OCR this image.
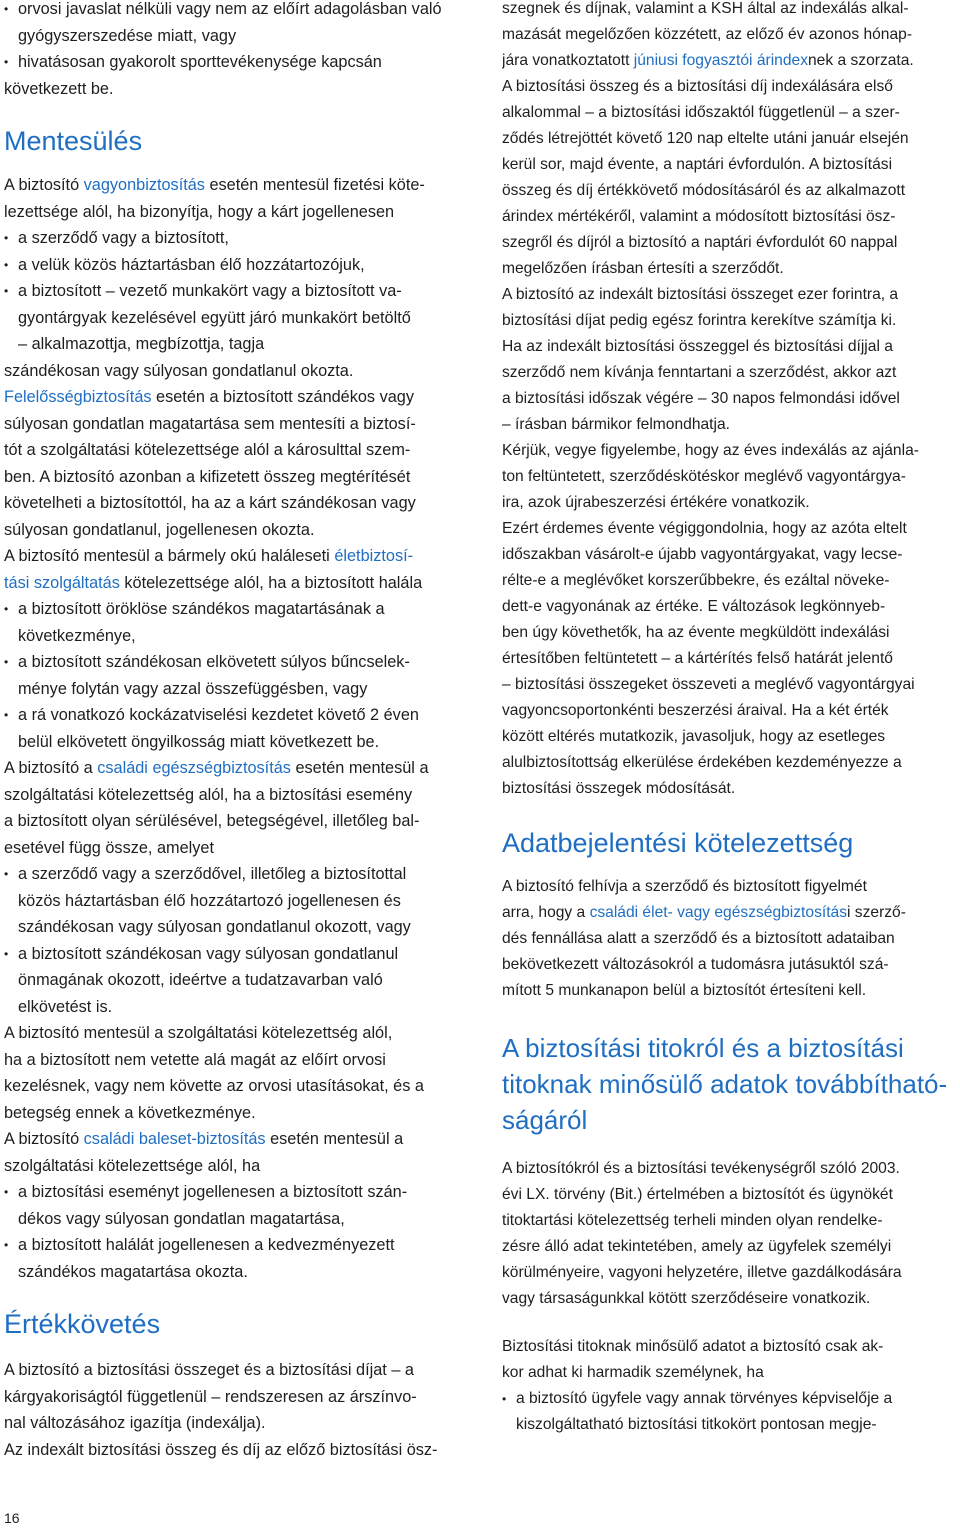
• orvosi javaslat nélküli vagy nem az előírt adagolásban való
gyógyszerszedése miatt, vagy
• hivatásosan gyakorolt sporttevékenysége kapcsán
következett be.
Mentesülés
A biztosító vagyonbiztosítás esetén mentesül fizetési köte-
lezettsége alól, ha bizonyítja, hogy a kárt jogellenesen
• a szerződő vagy a biztosított,
• a velük közös háztartásban élő hozzátartozójuk,
• a biztosított – vezető munkakört vagy a biztosított va-
gyontárgyak kezelésével együtt járó munkakört betöltő
– alkalmazottja, megbízottja, tagja
szándékosan vagy súlyosan gondatlanul okozta.
Felelősségbiztosítás esetén a biztosított szándékos vagy
súlyosan gondatlan magatartása sem mentesíti a biztosí-
tót a szolgáltatási kötelezettsége alól a károsulttal szem-
ben. A biztosító azonban a kifizetett összeg megtérítését
követelheti a biztosítottól, ha az a kárt szándékosan vagy
súlyosan gondatlanul, jogellenesen okozta.
A biztosító mentesül a bármely okú haláleseti életbiztosí-
tási szolgáltatás kötelezettsége alól, ha a biztosított halála
• a biztosított öröklöse szándékos magatartásának a
következménye,
• a biztosított szándékosan elkövetett súlyos bűncselek-
ménye folytán vagy azzal összefüggésben, vagy
• a rá vonatkozó kockázatviselési kezdetet követő 2 éven
belül elkövetett öngyilkosság miatt következett be.
A biztosító a családi egészségbiztosítás esetén mentesül a
szolgáltatási kötelezettség alól, ha a biztosítási esemény
a biztosított olyan sérülésével, betegségével, illetőleg bal-
esetével függ össze, amelyet
• a szerződő vagy a szerződővel, illetőleg a biztosítottal
közös háztartásban élő hozzátartozó jogellenesen és
szándékosan vagy súlyosan gondatlanul okozott, vagy
• a biztosított szándékosan vagy súlyosan gondatlanul
önmagának okozott, ideértve a tudatzavarban való
elkövetést is.
A biztosító mentesül a szolgáltatási kötelezettség alól,
ha a biztosított nem vetette alá magát az előírt orvosi
kezelésnek, vagy nem követte az orvosi utasításokat, és a
betegség ennek a következménye.
A biztosító családi baleset-biztosítás esetén mentesül a
szolgáltatási kötelezettsége alól, ha
• a biztosítási eseményt jogellenesen a biztosított szán-
dékos vagy súlyosan gondatlan magatartása,
• a biztosított halálát jogellenesen a kedvezményezett
szándékos magatartása okozta.
Értékkövetés
A biztosító a biztosítási összeget és a biztosítási díjat – a
kárgyakoriságtól függetlenül – rendszeresen az árszínvo-
nal változásához igazítja (indexálja).
Az indexált biztosítási összeg és díj az előző biztosítási ösz-
szegnek és díjnak, valamint a KSH által az indexálás alkal-
mazását megelőzően közzétett, az előző év azonos hónap-
jára vonatkoztatott júniusi fogyasztói árindexnek a szorzata.
A biztosítási összeg és a biztosítási díj indexálására első
alkalommal – a biztosítási időszaktól függetlenül – a szer-
ződés létrejöttét követő 120 nap eltelte utáni január elsején
kerül sor, majd évente, a naptári évfordulón. A biztosítási
összeg és díj értékkövető módosításáról és az alkalmazott
árindex mértékéről, valamint a módosított biztosítási ösz-
szegről és díjról a biztosító a naptári évfordulót 60 nappal
megelőzően írásban értesíti a szerződőt.
A biztosító az indexált biztosítási összeget ezer forintra, a
biztosítási díjat pedig egész forintra kerekítve számítja ki.
Ha az indexált biztosítási összeggel és biztosítási díjjal a
szerződő nem kívánja fenntartani a szerződést, akkor azt
a biztosítási időszak végére – 30 napos felmondási idővel
– írásban bármikor felmondhatja.
Kérjük, vegye figyelembe, hogy az éves indexálás az ajánla-
ton feltüntetett, szerződéskötéskor meglévő vagyontárgya-
ira, azok újrabeszerzési értékére vonatkozik.
Ezért érdemes évente végiggondolnia, hogy az azóta eltelt
időszakban vásárolt-e újabb vagyontárgyakat, vagy lecse-
rélte-e a meglévőket korszerűbbekre, és ezáltal növeke-
dett-e vagyonának az értéke. E változások legkönnyeb-
ben úgy követhetők, ha az évente megküldött indexálási
értesítőben feltüntetett – a kártérítés felső határát jelentő
– biztosítási összegeket összeveti a meglévő vagyontárgyai
vagyoncsoportonkénti beszerzési áraival. Ha a két érték
között eltérés mutatkozik, javasoljuk, hogy az esetleges
alulbiztosítottság elkerülése érdekében kezdeményezze a
biztosítási összegek módosítását.
Adatbejelentési kötelezettség
A biztosító felhívja a szerződő és biztosított figyelmét
arra, hogy a családi élet- vagy egészségbiztosítási szerző-
dés fennállása alatt a szerződő és a biztosított adataiban
bekövetkezett változásokról a tudomásra jutásuktól szá-
mított 5 munkanapon belül a biztosítót értesíteni kell.
A biztosítási titokról és a biztosítási
titoknak minősülő adatok továbbítható-
ságáról
A biztosítókról és a biztosítási tevékenységről szóló 2003.
évi LX. törvény (Bit.) értelmében a biztosítót és ügynökét
titoktartási kötelezettség terheli minden olyan rendelke-
zésre álló adat tekintetében, amely az ügyfelek személyi
körülményeire, vagyoni helyzetére, illetve gazdálkodására
vagy társaságunkkal kötött szerződéseire vonatkozik.
Biztosítási titoknak minősülő adatot a biztosító csak ak-
kor adhat ki harmadik személynek, ha
• a biztosító ügyfele vagy annak törvényes képviselője a
kiszolgáltatható biztosítási titkokört pontosan megje-
16
